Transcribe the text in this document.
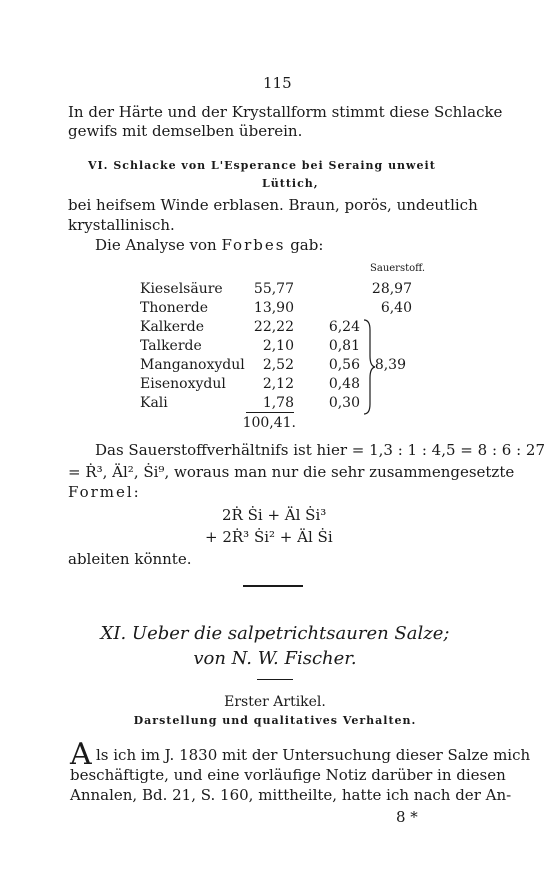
115
In der Härte und der Krystallform stimmt diese Schlacke
gewifs mit demselben überein.
VI. Schlacke von L'Esperance bei Seraing unweit
Lüttich,
bei heifsem Winde erblasen. Braun, porös, undeutlich
krystallinisch.
Die Analyse von Forbes gab:
Sauerstoff.
Kieselsäure	55,77	28,97
Thonerde	13,90	6,40
Kalkerde	22,22	6,24
Talkerde	2,10	0,81
Manganoxydul	2,52	0,56	8,39
Eisenoxydul	2,12	0,48
Kali	1,78	0,30
100,41.
Das Sauerstoffverhältnifs ist hier = 1,3 : 1 : 4,5 = 8 : 6 : 27
= Ṙ³, Äl², Ṡi⁹, woraus man nur die sehr zusammengesetzte
Formel:
2Ṙ Ṡi + Äl Ṡi³
+ 2Ṙ³ Ṡi² + Äl Ṡi
ableiten könnte.
XI. Ueber die salpetrichtsauren Salze;
von N. W. Fischer.
Erster Artikel.
Darstellung und qualitatives Verhalten.
A ls ich im J. 1830 mit der Untersuchung dieser Salze mich
beschäftigte, und eine vorläufige Notiz darüber in diesen
Annalen, Bd. 21, S. 160, mittheilte, hatte ich nach der An-
8 *
